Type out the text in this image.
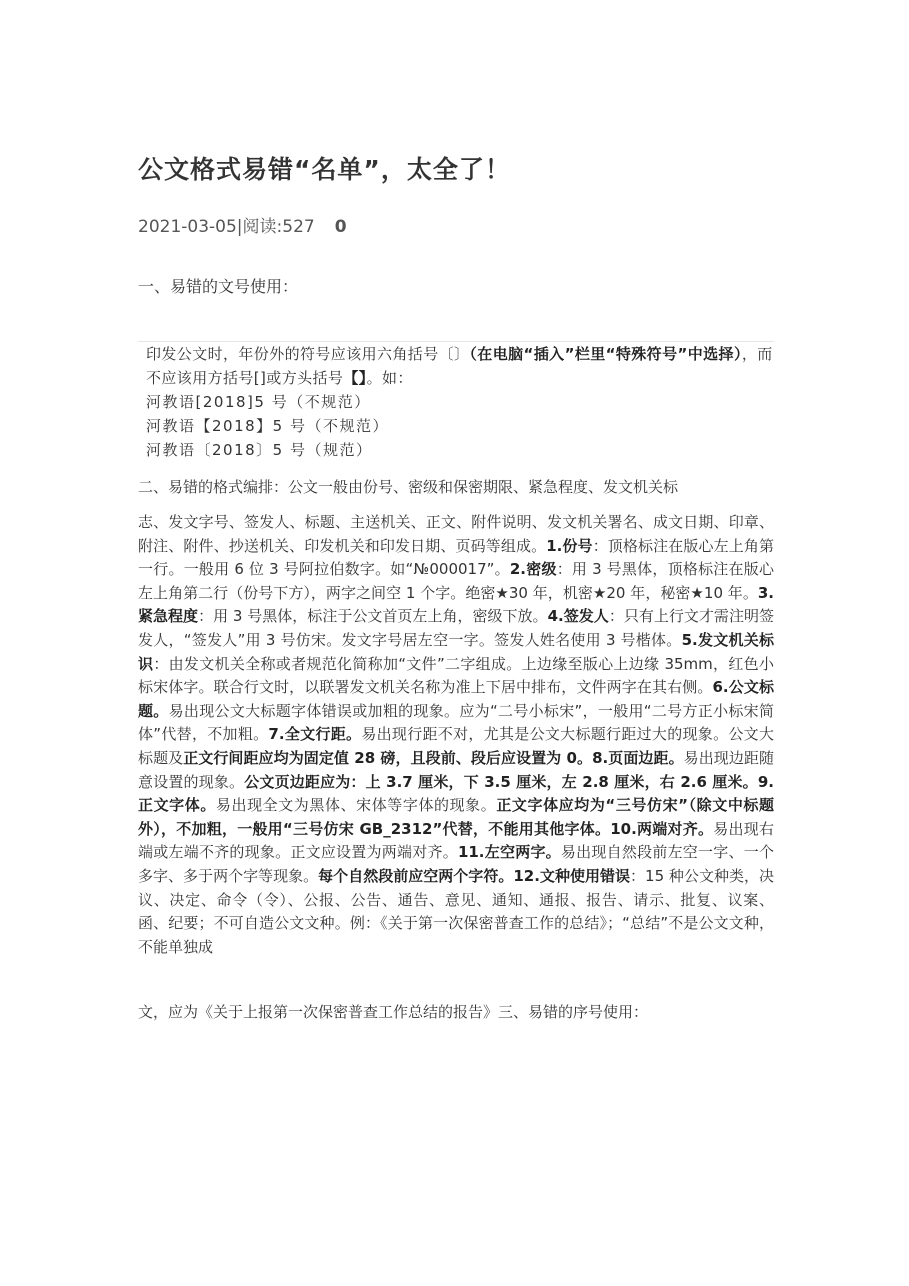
公文格式易错“名单”，太全了！
2021-03-05|阅读:527 0
一、易错的文号使用：

印发公文时，年份外的符号应该用六角括号〔〕（在电脑“插入”栏里“特殊符号”中选择），而不应该用方括号[]或方头括号【】。如：

河教语[2018]5 号（不规范）

河教语【2018】5 号（不规范）

河教语〔2018〕5 号（规范）

二、易错的格式编排：公文一般由份号、密级和保密期限、紧急程度、发文机关标
志、发文字号、签发人、标题、主送机关、正文、附件说明、发文机关署名、成文日期、印章、附注、附件、抄送机关、印发机关和印发日期、页码等组成。1.份号：顶格标注在版心左上角第一行。一般用 6 位 3 号阿拉伯数字。如“№000017”。2.密级：用 3 号黑体，顶格标注在版心左上角第二行（份号下方），两字之间空 1 个字。绝密★30 年，机密★20 年，秘密★10 年。3.紧急程度：用 3 号黑体，标注于公文首页左上角，密级下放。4.签发人：只有上行文才需注明签发人，“签发人”用 3 号仿宋。发文字号居左空一字。签发人姓名使用 3 号楷体。5.发文机关标识：由发文机关全称或者规范化简称加“文件”二字组成。上边缘至版心上边缘 35mm，红色小标宋体字。联合行文时，以联署发文机关名称为准上下居中排布，文件两字在其右侧。6.公文标题。易出现公文大标题字体错误或加粗的现象。应为“二号小标宋”，一般用“二号方正小标宋简体”代替，不加粗。7.全文行距。易出现行距不对，尤其是公文大标题行距过大的现象。公文大标题及正文行间距应均为固定值 28 磅，且段前、段后应设置为 0。8.页面边距。易出现边距随意设置的现象。公文页边距应为：上 3.7 厘米，下 3.5 厘米，左 2.8 厘米，右 2.6 厘米。9.正文字体。易出现全文为黑体、宋体等字体的现象。正文字体应均为“三号仿宋”（除文中标题外），不加粗，一般用“三号仿宋 GB_2312”代替，不能用其他字体。10.两端对齐。易出现右端或左端不齐的现象。正文应设置为两端对齐。11.左空两字。易出现自然段前左空一字、一个多字、多于两个字等现象。每个自然段前应空两个字符。12.文种使用错误：15 种公文种类，决议、决定、命令（令）、公报、公告、通告、意见、通知、通报、报告、请示、批复、议案、函、纪要；不可自造公文文种。例：《关于第一次保密普查工作的总结》；“总结”不是公文文种，不能单独成
文，应为《关于上报第一次保密普查工作总结的报告》三、易错的序号使用：
